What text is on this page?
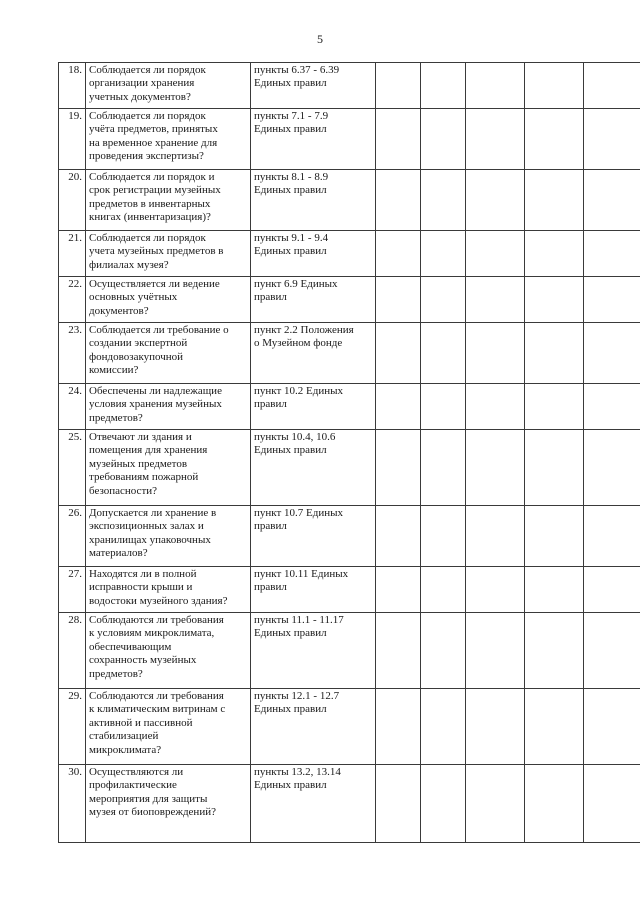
5
18.	Соблюдается ли порядок
организации хранения
учетных документов?	пункты 6.37 - 6.39
Единых правил					
19.	Соблюдается ли порядок
учёта предметов, принятых
на временное хранение для
проведения экспертизы?	пункты 7.1 - 7.9
Единых правил					
20.	Соблюдается ли порядок и
срок регистрации музейных
предметов в инвентарных
книгах (инвентаризация)?	пункты 8.1 - 8.9
Единых правил					
21.	Соблюдается ли порядок
учета музейных предметов в
филиалах музея?	пункты 9.1 - 9.4
Единых правил					
22.	Осуществляется ли ведение
основных учётных
документов?	пункт 6.9 Единых
правил					
23.	Соблюдается ли требование о
создании экспертной
фондовозакупочной
комиссии?	пункт 2.2 Положения
о Музейном фонде					
24.	Обеспечены ли надлежащие
условия хранения музейных
предметов?	пункт 10.2 Единых
правил					
25.	Отвечают ли здания и
помещения для хранения
музейных предметов
требованиям пожарной
безопасности?	пункты 10.4, 10.6
Единых правил					
26.	Допускается ли хранение в
экспозиционных залах и
хранилищах упаковочных
материалов?	пункт 10.7 Единых
правил					
27.	Находятся ли в полной
исправности крыши и
водостоки музейного здания?	пункт 10.11 Единых
правил					
28.	Соблюдаются ли требования
к условиям микроклимата,
обеспечивающим
сохранность музейных
предметов?	пункты 11.1 - 11.17
Единых правил					
29.	Соблюдаются ли требования
к климатическим витринам с
активной и пассивной
стабилизацией
микроклимата?	пункты 12.1 - 12.7
Единых правил					
30.	Осуществляются ли
профилактические
мероприятия для защиты
музея от биоповреждений?	пункты 13.2, 13.14
Единых правил					
